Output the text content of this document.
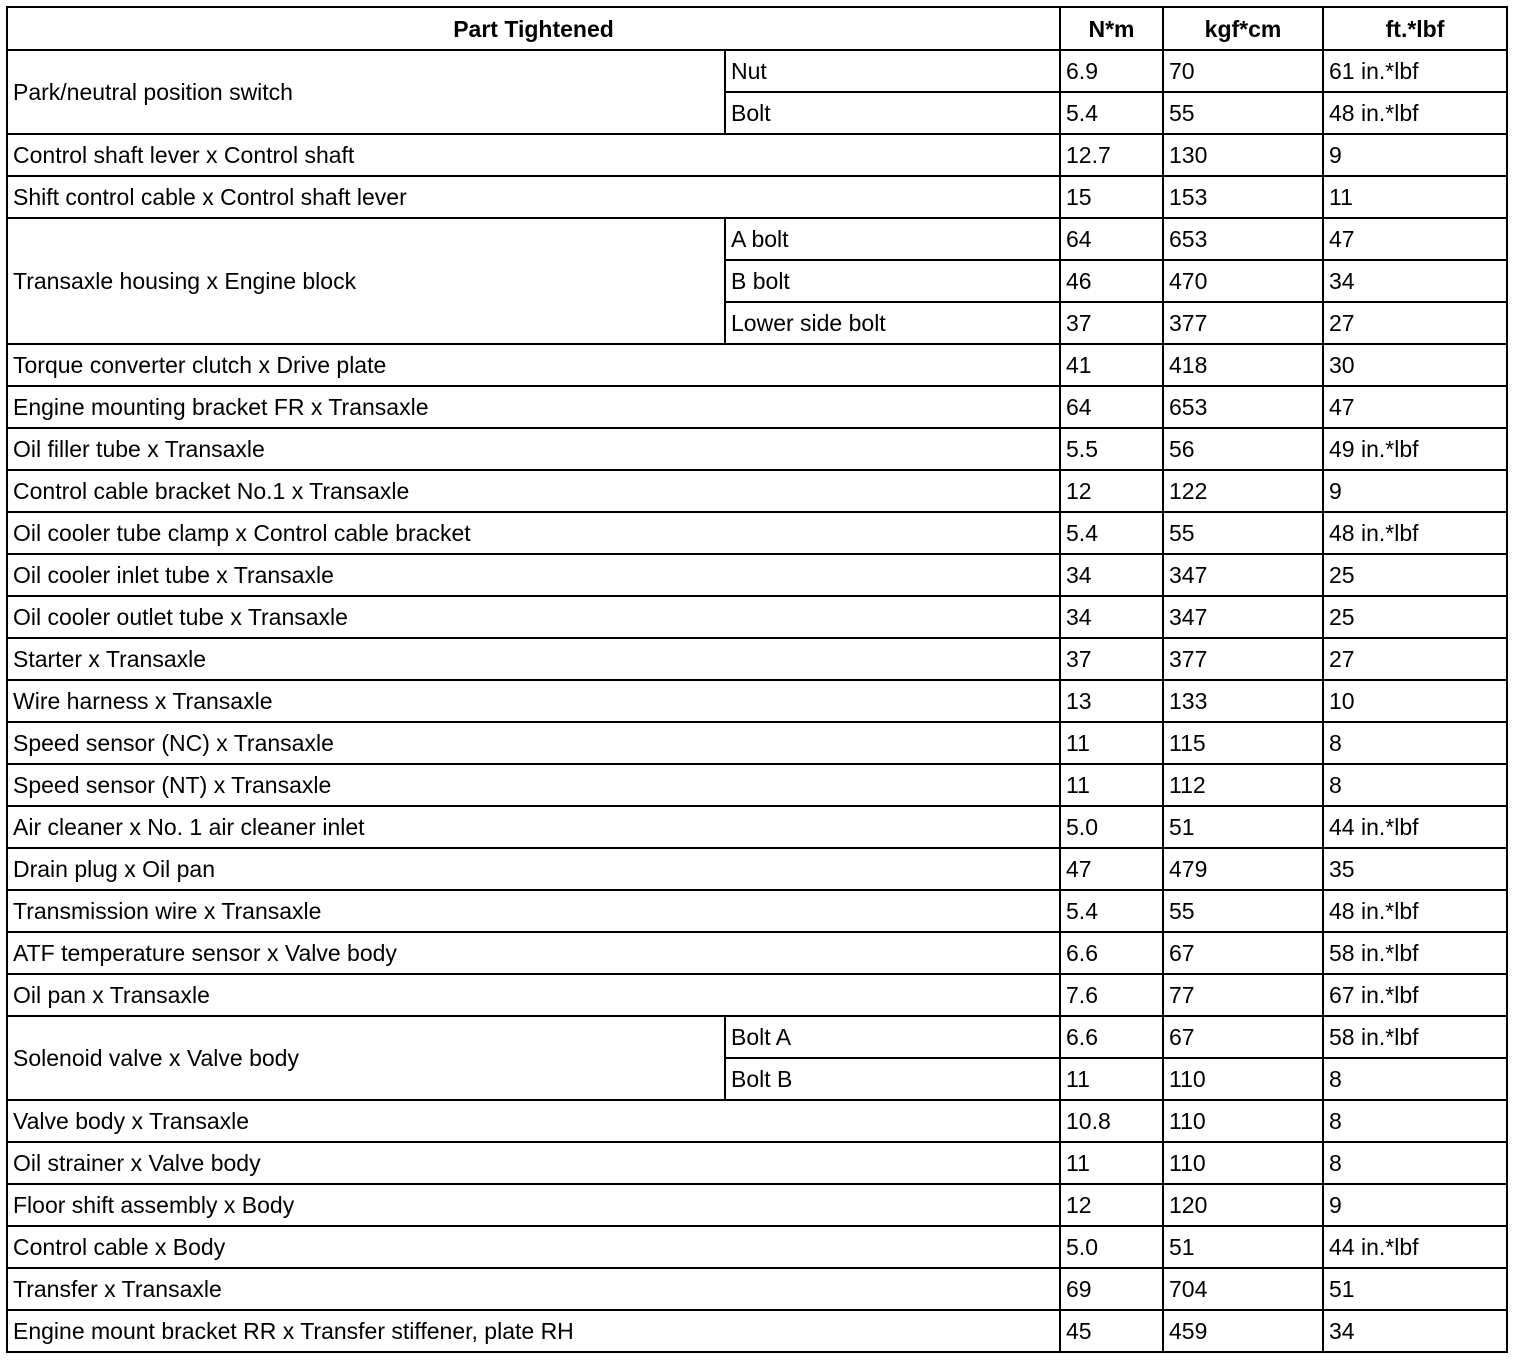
Part Tightened		N*m	kgf*cm	ft.*lbf
Park/neutral position switch	Nut	6.9	70	61 in.*lbf
	Bolt	5.4	55	48 in.*lbf
Control shaft lever x Control shaft		12.7	130	9
Shift control cable x Control shaft lever		15	153	11
Transaxle housing x Engine block	A bolt	64	653	47
	B bolt	46	470	34
	Lower side bolt	37	377	27
Torque converter clutch x Drive plate		41	418	30
Engine mounting bracket FR x Transaxle		64	653	47
Oil filler tube x Transaxle		5.5	56	49 in.*lbf
Control cable bracket No.1 x Transaxle		12	122	9
Oil cooler tube clamp x Control cable bracket		5.4	55	48 in.*lbf
Oil cooler inlet tube x Transaxle		34	347	25
Oil cooler outlet tube x Transaxle		34	347	25
Starter x Transaxle		37	377	27
Wire harness x Transaxle		13	133	10
Speed sensor (NC) x Transaxle		11	115	8
Speed sensor (NT) x Transaxle		11	112	8
Air cleaner x No. 1 air cleaner inlet		5.0	51	44 in.*lbf
Drain plug x Oil pan		47	479	35
Transmission wire x Transaxle		5.4	55	48 in.*lbf
ATF temperature sensor x Valve body		6.6	67	58 in.*lbf
Oil pan x Transaxle		7.6	77	67 in.*lbf
Solenoid valve x Valve body	Bolt A	6.6	67	58 in.*lbf
	Bolt B	11	110	8
Valve body x Transaxle		10.8	110	8
Oil strainer x Valve body		11	110	8
Floor shift assembly x Body		12	120	9
Control cable x Body		5.0	51	44 in.*lbf
Transfer x Transaxle		69	704	51
Engine mount bracket RR x Transfer stiffener, plate RH		45	459	34
